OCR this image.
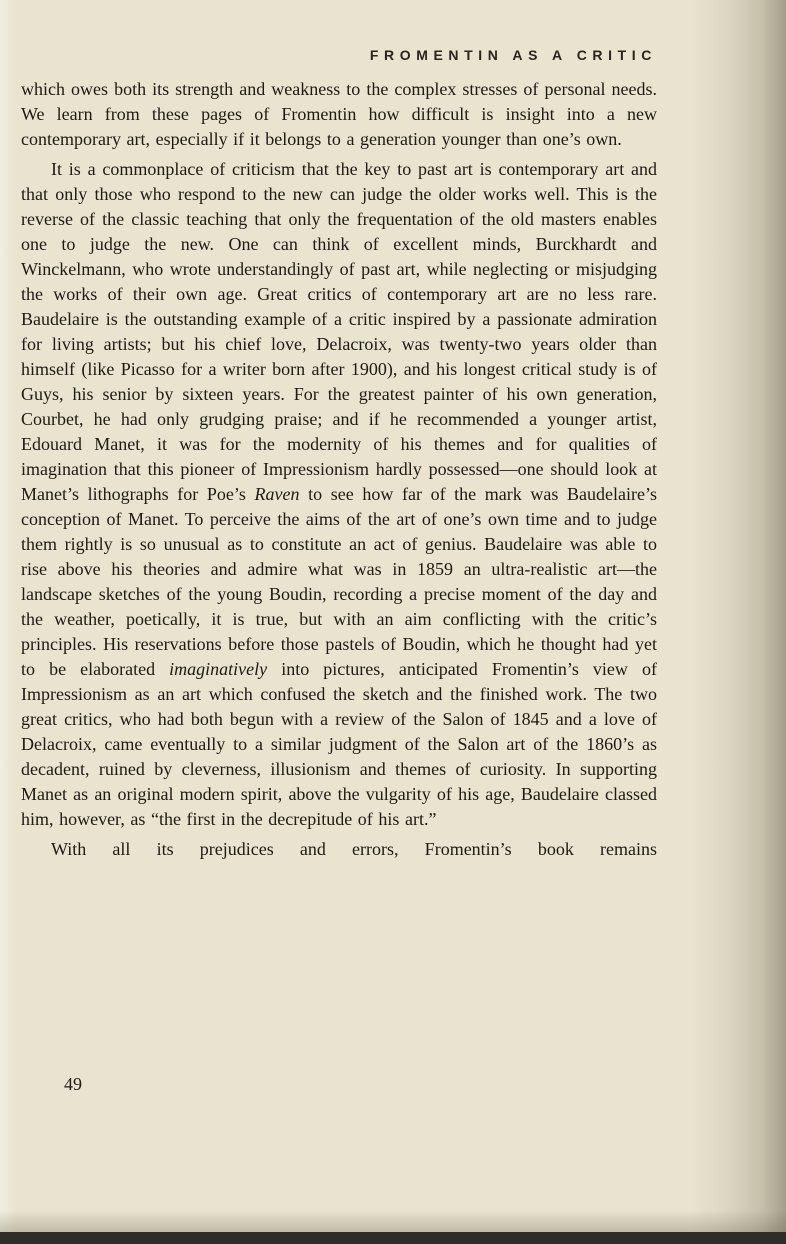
FROMENTIN AS A CRITIC

which owes both its strength and weakness to the complex stresses of personal needs. We learn from these pages of Fromentin how difficult is insight into a new contemporary art, especially if it belongs to a generation younger than one’s own.

It is a commonplace of criticism that the key to past art is contemporary art and that only those who respond to the new can judge the older works well. This is the reverse of the classic teaching that only the frequentation of the old masters enables one to judge the new. One can think of excellent minds, Burckhardt and Winckelmann, who wrote understandingly of past art, while neglecting or misjudging the works of their own age. Great critics of contemporary art are no less rare. Baudelaire is the outstanding example of a critic inspired by a passionate admiration for living artists; but his chief love, Delacroix, was twenty-two years older than himself (like Picasso for a writer born after 1900), and his longest critical study is of Guys, his senior by sixteen years. For the greatest painter of his own generation, Courbet, he had only grudging praise; and if he recommended a younger artist, Edouard Manet, it was for the modernity of his themes and for qualities of imagination that this pioneer of Impressionism hardly possessed—one should look at Manet’s lithographs for Poe’s Raven to see how far of the mark was Baudelaire’s conception of Manet. To perceive the aims of the art of one’s own time and to judge them rightly is so unusual as to constitute an act of genius. Baudelaire was able to rise above his theories and admire what was in 1859 an ultra-realistic art—the landscape sketches of the young Boudin, recording a precise moment of the day and the weather, poetically, it is true, but with an aim conflicting with the critic’s principles. His reservations before those pastels of Boudin, which he thought had yet to be elaborated imaginatively into pictures, anticipated Fromentin’s view of Impressionism as an art which confused the sketch and the finished work. The two great critics, who had both begun with a review of the Salon of 1845 and a love of Delacroix, came eventually to a similar judgment of the Salon art of the 1860’s as decadent, ruined by cleverness, illusionism and themes of curiosity. In supporting Manet as an original modern spirit, above the vulgarity of his age, Baudelaire classed him, however, as “the first in the decrepitude of his art.”

With all its prejudices and errors, Fromentin’s book remains

49
